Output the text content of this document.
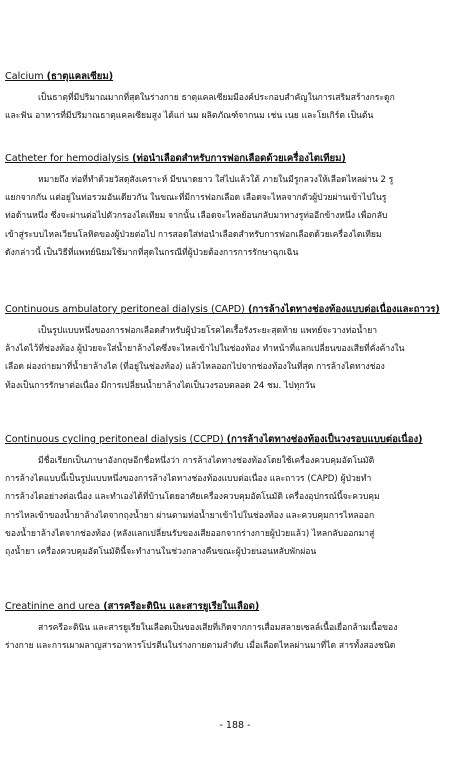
Calcium (ธาตุแคลเซียม)

เป็นธาตุที่มีปริมาณมากที่สุดในร่างกาย ธาตุแคลเซียมมีองค์ประกอบสำคัญในการเสริมสร้างกระดูก
และฟัน อาหารที่มีปริมาณธาตุแคลเซียมสูง ได้แก่ นม ผลิตภัณฑ์จากนม เช่น เนย และโยเกิร์ต เป็นต้น

Catheter for hemodialysis (ท่อนำเลือดสำหรับการฟอกเลือดด้วยเครื่องไตเทียม)

หมายถึง ท่อที่ทำด้วยวัสดุสังเคราะห์ มีขนาดยาว ใส่ไปแล้วใต้ ภายในมีรูกลวงให้เลือดไหลผ่าน 2 รู
แยกจากกัน แต่อยู่ในท่อรวมอันเดียวกัน ในขณะที่มีการฟอกเลือด เลือดจะไหลจากตัวผู้ป่วยผ่านเข้าไปในรู
ท่อด้านหนึ่ง ซึ่งจะผ่านต่อไปตัวกรองไตเทียม จากนั้น เลือดจะไหลย้อนกลับมาทางรูท่ออีกข้างหนึ่ง เพื่อกลับ
เข้าสู่ระบบไหลเวียนโลหิตของผู้ป่วยต่อไป การสอดใส่ท่อนำเลือดสำหรับการฟอกเลือดด้วยเครื่องไตเทียม
ดังกล่าวนี้ เป็นวิธีที่แพทย์นิยมใช้มากที่สุดในกรณีที่ผู้ป่วยต้องการการรักษาฉุกเฉิน

Continuous ambulatory peritoneal dialysis (CAPD) (การล้างไตทางช่องท้องแบบต่อเนื่องและถาวร)

เป็นรูปแบบหนึ่งของการฟอกเลือดสำหรับผู้ป่วยโรคไตเรื้อรังระยะสุดท้าย แพทย์จะวางท่อน้ำยา
ล้างไตไว้ที่ช่องท้อง ผู้ป่วยจะใส่น้ำยาล้างไตซึ่งจะไหลเข้าไปในช่องท้อง ทำหน้าที่แลกเปลี่ยนของเสียที่คั่งค้างใน
เลือด ผ่องถ่ายมาที่น้ำยาล้างไต (ที่อยู่ในช่องท้อง) แล้วไหลออกไปจากช่องท้องในที่สุด การล้างไตทางช่อง
ท้องเป็นการรักษาต่อเนื่อง มีการเปลี่ยนน้ำยาล้างไตเป็นวงรอบตลอด 24 ชม. ไปทุกวัน

Continuous cycling peritoneal dialysis (CCPD) (การล้างไตทางช่องท้องเป็นวงรอบแบบต่อเนื่อง)

มีชื่อเรียกเป็นภาษาอังกฤษอีกชื่อหนึ่งว่า การล้างไตทางช่องท้องโดยใช้เครื่องควบคุมอัตโนมัติ
การล้างไตแบบนี้เป็นรูปแบบหนึ่งของการล้างไตทางช่องท้องแบบต่อเนื่อง และถาวร (CAPD) ผู้ป่วยทำ
การล้างไตอย่างต่อเนื่อง และทำเองได้ที่บ้านโดยอาศัยเครื่องควบคุมอัตโนมัติ เครื่องอุปกรณ์นี้จะควบคุม
การไหลเข้าของน้ำยาล้างไตจากถุงน้ำยา ผ่านตามท่อน้ำยาเข้าไปในช่องท้อง และควบคุมการไหลออก
ของน้ำยาล้างไตจากช่องท้อง (หลังแลกเปลี่ยนรับของเสียออกจากร่างกายผู้ป่วยแล้ว) ไหลกลับออกมาสู่
ถุงน้ำยา เครื่องควบคุมอัตโนมัตินี้จะทำงานในช่วงกลางคืนขณะผู้ป่วยนอนหลับพักผ่อน

Creatinine and urea (สารครีอะตินิน และสารยูเรียในเลือด)

สารครีอะตินิน และสารยูเรียในเลือดเป็นของเสียที่เกิดจากการเสื่อมสลายเซลล์เนื้อเยื่อกล้ามเนื้อของ
ร่างกาย และการเผาผลาญสารอาหารโปรตีนในร่างกายตามลำดับ เมื่อเลือดไหลผ่านมาที่ไต สารทั้งสองชนิด

- 188 -
